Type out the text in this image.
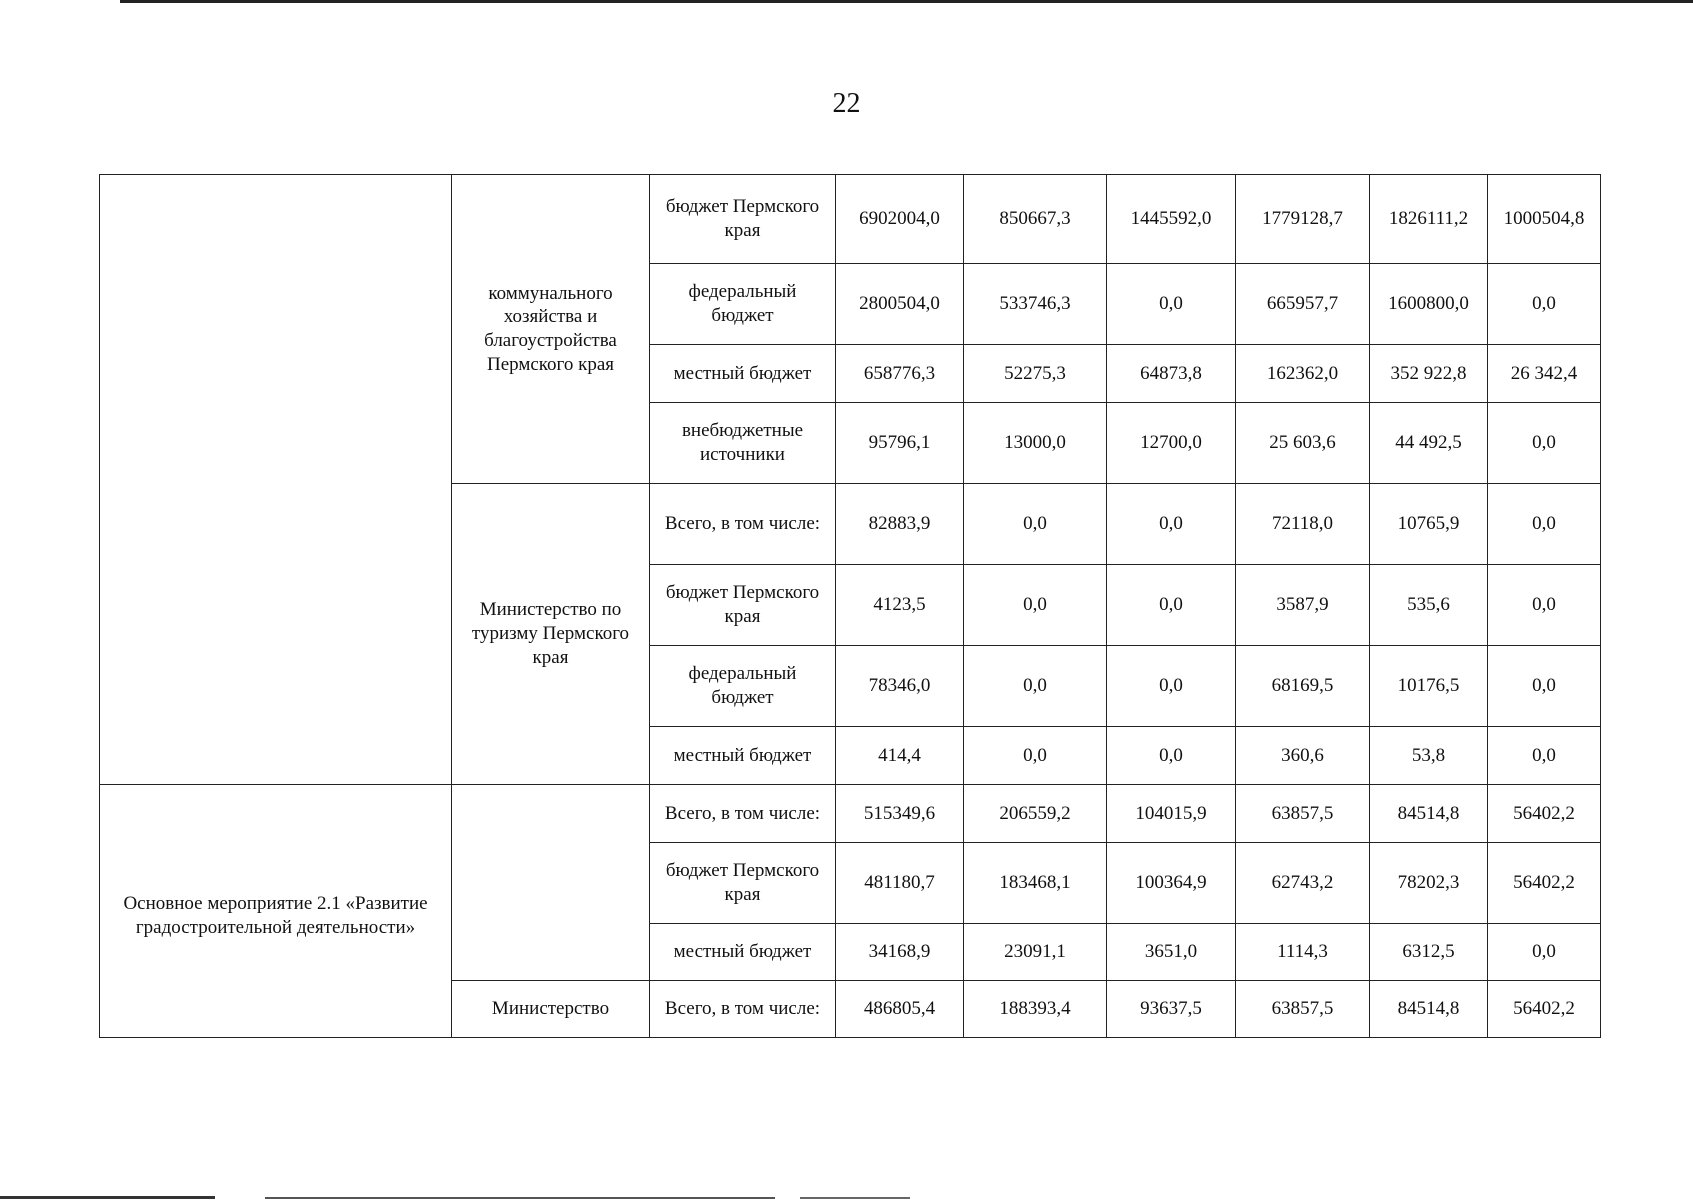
22
	коммунального хозяйства и благоустройства Пермского края	бюджет Пермского края	6902004,0	850667,3	1445592,0	1779128,7	1826111,2	1000504,8
		федеральный бюджет	2800504,0	533746,3	0,0	665957,7	1600800,0	0,0
		местный бюджет	658776,3	52275,3	64873,8	162362,0	352 922,8	26 342,4
		внебюджетные источники	95796,1	13000,0	12700,0	25 603,6	44 492,5	0,0
	Министерство по туризму Пермского края	Всего, в том числе:	82883,9	0,0	0,0	72118,0	10765,9	0,0
		бюджет Пермского края	4123,5	0,0	0,0	3587,9	535,6	0,0
		федеральный бюджет	78346,0	0,0	0,0	68169,5	10176,5	0,0
		местный бюджет	414,4	0,0	0,0	360,6	53,8	0,0
Основное мероприятие 2.1 «Развитие градостроительной деятельности»		Всего, в том числе:	515349,6	206559,2	104015,9	63857,5	84514,8	56402,2
		бюджет Пермского края	481180,7	183468,1	100364,9	62743,2	78202,3	56402,2
		местный бюджет	34168,9	23091,1	3651,0	1114,3	6312,5	0,0
	Министерство	Всего, в том числе:	486805,4	188393,4	93637,5	63857,5	84514,8	56402,2
